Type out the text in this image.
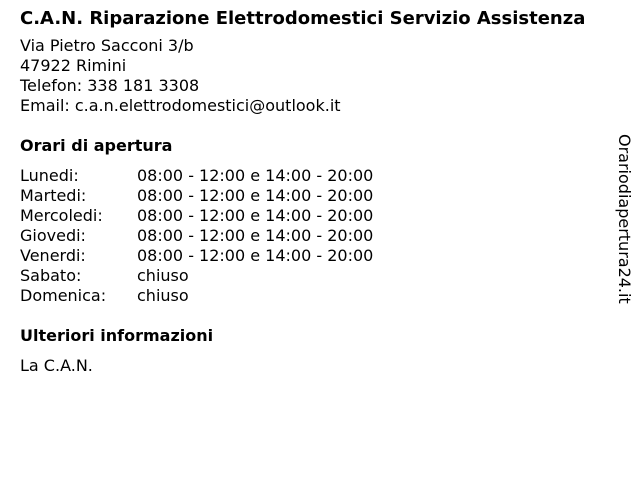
C.A.N. Riparazione Elettrodomestici Servizio Assistenza
Via Pietro Sacconi 3/b
47922 Rimini
Telefon: 338 181 3308
Email: c.a.n.elettrodomestici@outlook.it
Orari di apertura
Lunedi:	08:00 - 12:00 e 14:00 - 20:00
Martedi:	08:00 - 12:00 e 14:00 - 20:00
Mercoledi:	08:00 - 12:00 e 14:00 - 20:00
Giovedi:	08:00 - 12:00 e 14:00 - 20:00
Venerdi:	08:00 - 12:00 e 14:00 - 20:00
Sabato:	chiuso
Domenica:	chiuso
Ulteriori informazioni
La C.A.N.
Orariodiapertura24.it
